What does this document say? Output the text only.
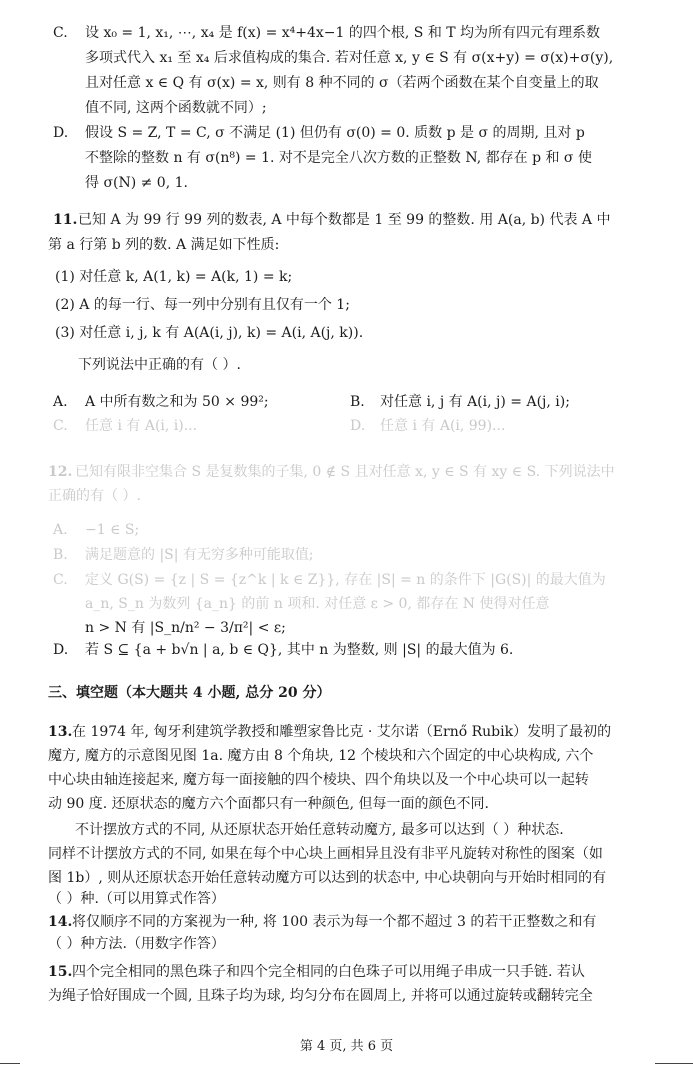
C. 设 x₀ = 1, x₁, ⋯, x₄ 是 f(x) = x⁴+4x−1 的四个根, S 和 T 均为所有四元有理系数
多项式代入 x₁ 至 x₄ 后求值构成的集合. 若对任意 x, y ∈ S 有 σ(x+y) = σ(x)+σ(y),
且对任意 x ∈ Q 有 σ(x) = x, 则有 8 种不同的 σ（若两个函数在某个自变量上的取
值不同, 这两个函数就不同）;
D. 假设 S = Z, T = C, σ 不满足 (1) 但仍有 σ(0) = 0. 质数 p 是 σ 的周期, 且对 p
不整除的整数 n 有 σ(n⁸) = 1. 对不是完全八次方数的正整数 N, 都存在 p 和 σ 使
得 σ(N) ≠ 0, 1.
11. 已知 A 为 99 行 99 列的数表, A 中每个数都是 1 至 99 的整数. 用 A(a, b) 代表 A 中
第 a 行第 b 列的数. A 满足如下性质:
(1) 对任意 k, A(1, k) = A(k, 1) = k;
(2) A 的每一行、每一列中分别有且仅有一个 1;
(3) 对任意 i, j, k 有 A(A(i, j), k) = A(i, A(j, k)).
下列说法中正确的有（ ）.
A. A 中所有数之和为 50 × 99²;	B. 对任意 i, j 有 A(i, j) = A(j, i);
C. 任意 i 有 A(i, i)...	D. 任意 i 有 A(i, 99)...
12. 已知有限非空集合 S 是复数集的子集, 0 ∉ S 且对任意 x, y ∈ S 有 xy ∈ S. 下列说法中
正确的有（ ）.
A. −1 ∈ S;
B. 满足题意的 |S| 有无穷多种可能取值;
C. 定义 G(S) = {z | S = {z^k | k ∈ Z}}, 存在 |S| = n 的条件下 |G(S)| 的最大值为
a_n, S_n 为数列 {a_n} 的前 n 项和. 对任意 ε > 0, 都存在 N 使得对任意
n > N 有 |S_n/n² − 3/π²| < ε;
D. 若 S ⊆ {a + b√n | a, b ∈ Q}, 其中 n 为整数, 则 |S| 的最大值为 6.
三、填空题（本大题共 4 小题, 总分 20 分）
13. 在 1974 年, 匈牙利建筑学教授和雕塑家鲁比克 · 艾尔诺（Ernő Rubik）发明了最初的
魔方, 魔方的示意图见图 1a. 魔方由 8 个角块, 12 个棱块和六个固定的中心块构成, 六个
中心块由轴连接起来, 魔方每一面接触的四个棱块、四个角块以及一个中心块可以一起转
动 90 度. 还原状态的魔方六个面都只有一种颜色, 但每一面的颜色不同.
不计摆放方式的不同, 从还原状态开始任意转动魔方, 最多可以达到（ ）种状态.
同样不计摆放方式的不同, 如果在每个中心块上画相异且没有非平凡旋转对称性的图案（如
图 1b）, 则从还原状态开始任意转动魔方可以达到的状态中, 中心块朝向与开始时相同的有
（ ）种.（可以用算式作答）
14. 将仅顺序不同的方案视为一种, 将 100 表示为每一个都不超过 3 的若干正整数之和有
（ ）种方法.（用数字作答）
15. 四个完全相同的黑色珠子和四个完全相同的白色珠子可以用绳子串成一只手链. 若认
为绳子恰好围成一个圆, 且珠子均为球, 均匀分布在圆周上, 并将可以通过旋转或翻转完全
第 4 页, 共 6 页
